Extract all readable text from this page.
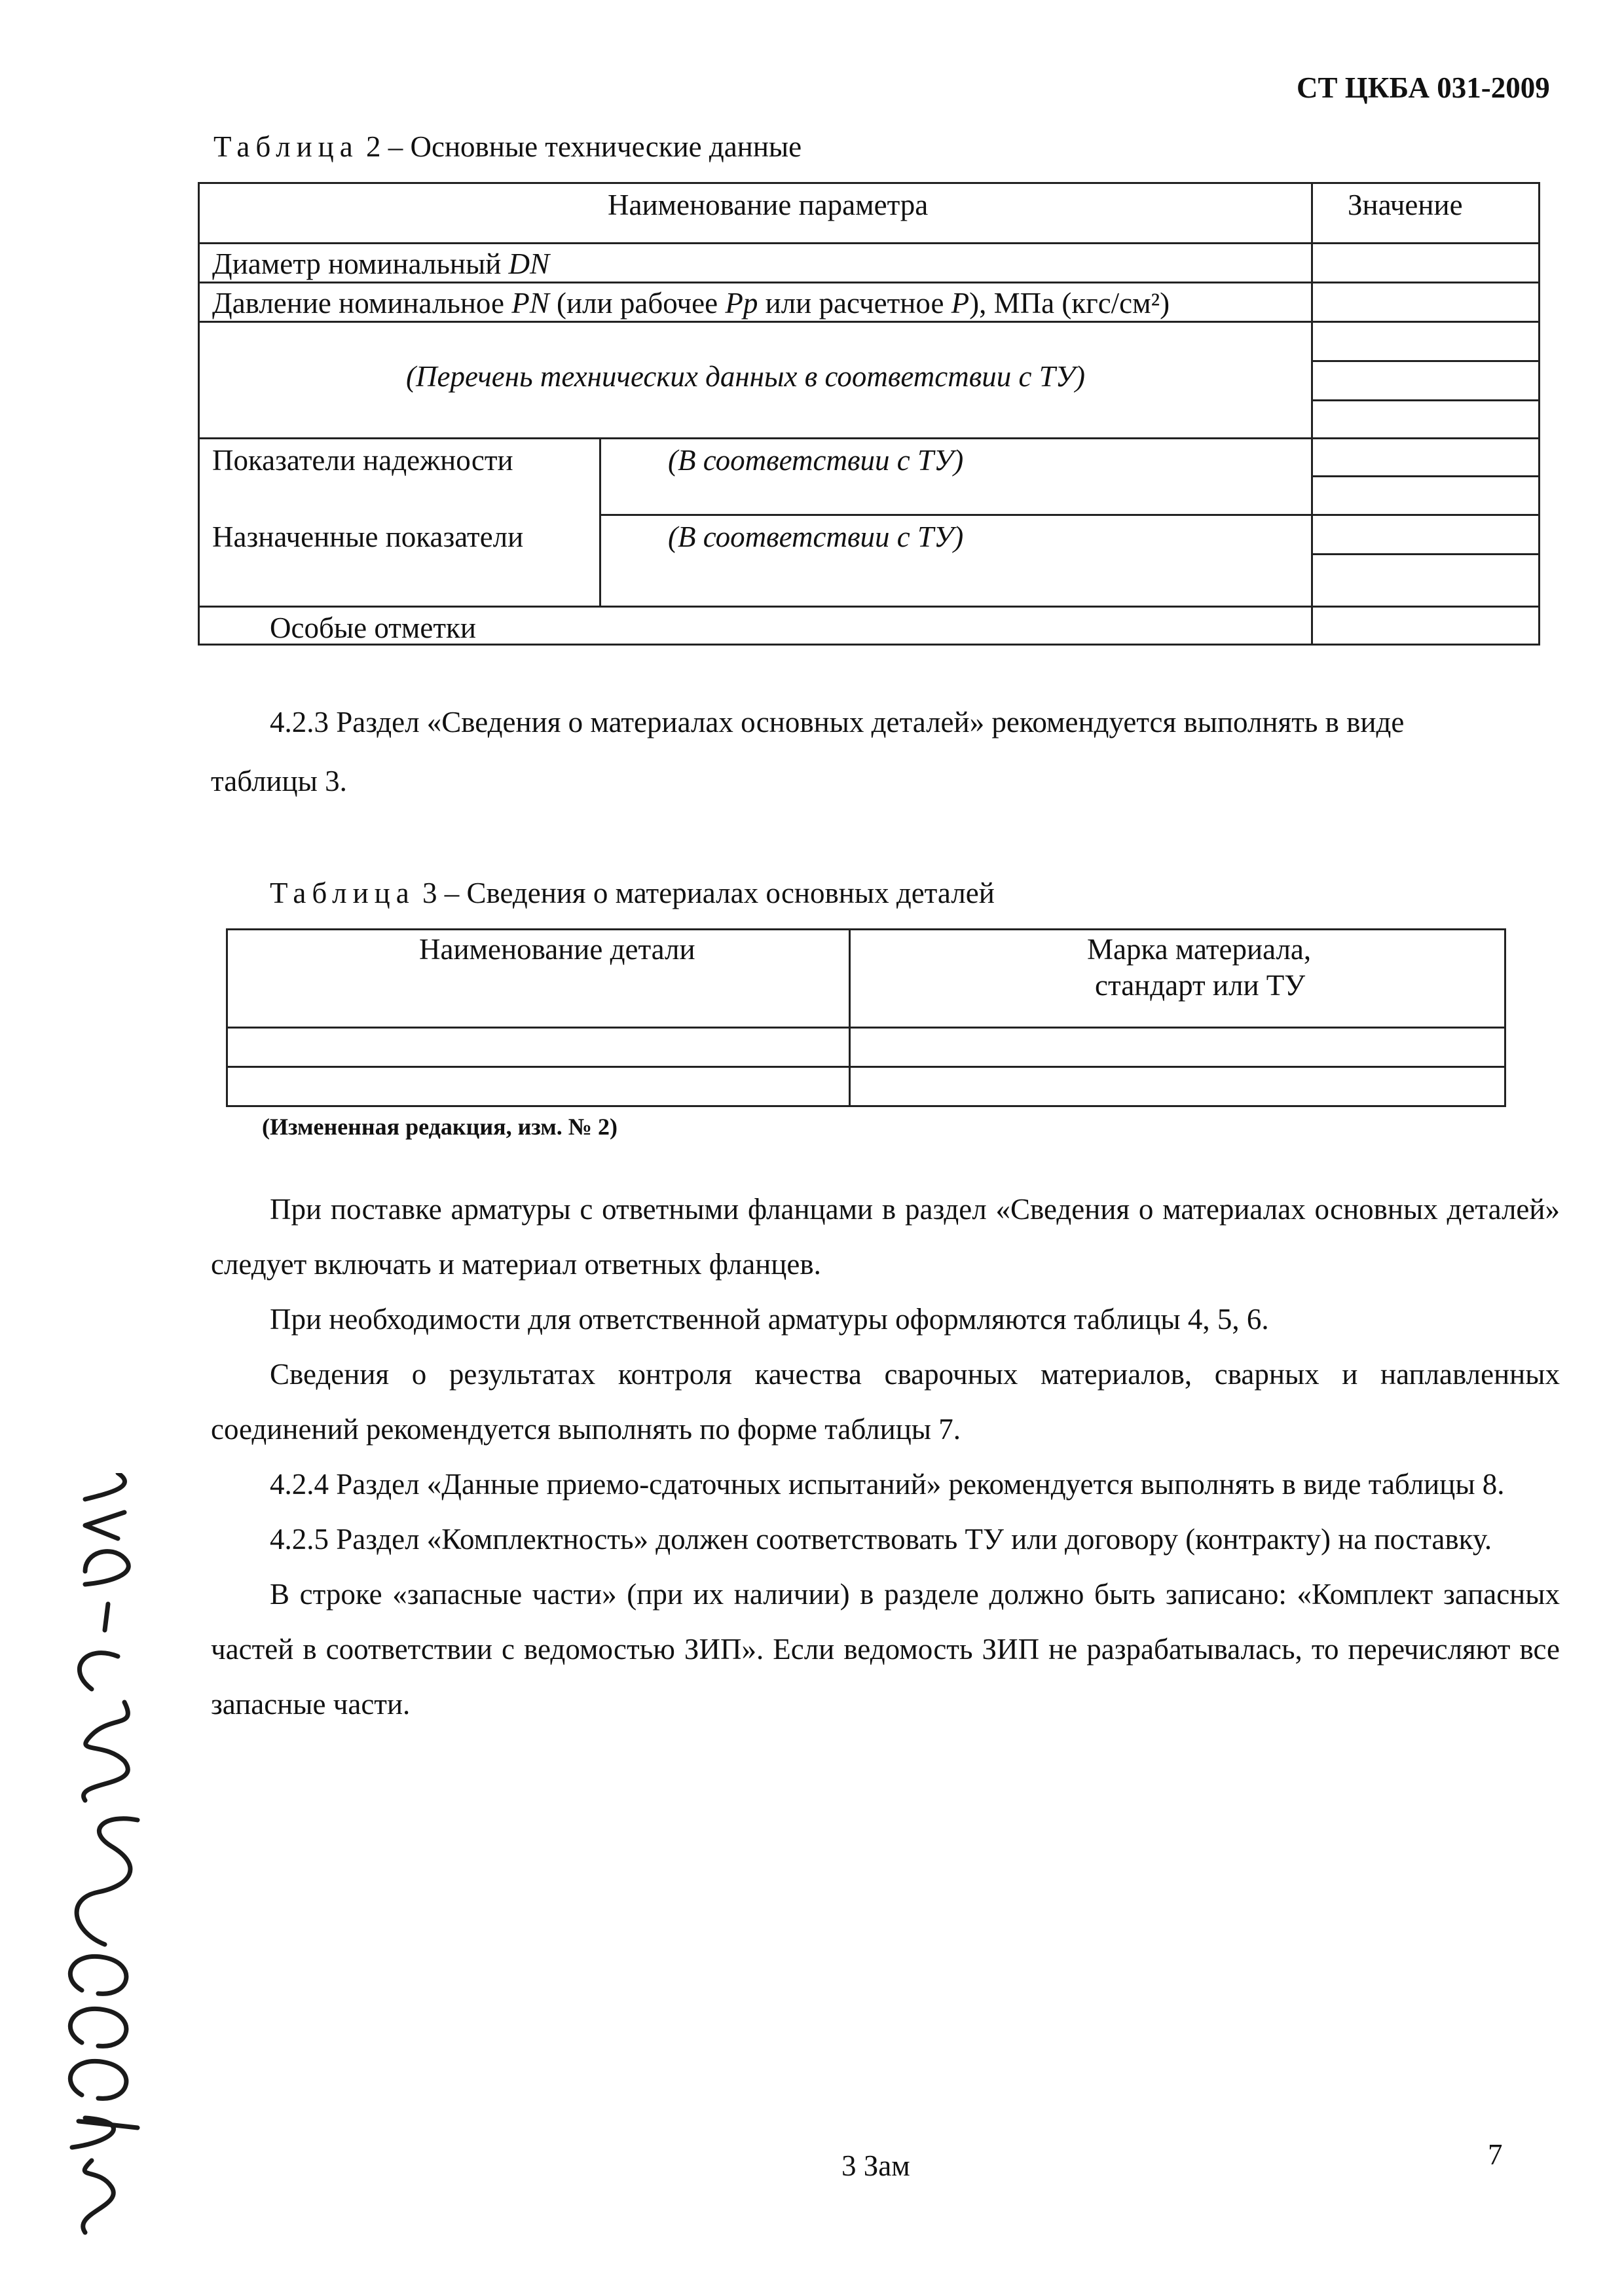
СТ ЦКБА 031-2009
Таблица 2 – Основные технические данные
Наименование параметра	Значение
Диаметр номинальный DN
Давление номинальное PN (или рабочее Pp или расчетное P), МПа (кгс/см²)
(Перечень технических данных в соответствии с ТУ)
Показатели надежности	(В соответствии с ТУ)
Назначенные показатели	(В соответствии с ТУ)
Особые отметки
4.2.3 Раздел «Сведения о материалах основных деталей» рекомендуется выполнять в виде
таблицы 3.
Таблица 3 – Сведения о материалах основных деталей
Наименование детали	Марка материала,
стандарт или ТУ
(Измененная редакция, изм. № 2)

При поставке арматуры с ответными фланцами в раздел «Сведения о материалах основных деталей» следует включать и материал ответных фланцев.

При необходимости для ответственной арматуры оформляются таблицы 4, 5, 6.

Сведения о результатах контроля качества сварочных материалов, сварных и наплавленных соединений рекомендуется выполнять по форме таблицы 7.

4.2.4 Раздел «Данные приемо-сдаточных испытаний» рекомендуется выполнять в виде таблицы 8.

4.2.5 Раздел «Комплектность» должен соответствовать ТУ или договору (контракту) на поставку.

В строке «запасные части» (при их наличии) в разделе должно быть записано: «Комплект запасных частей в соответствии с ведомостью ЗИП». Если ведомость ЗИП не разрабатывалась, то перечисляют все запасные части.

3 Зам	7
